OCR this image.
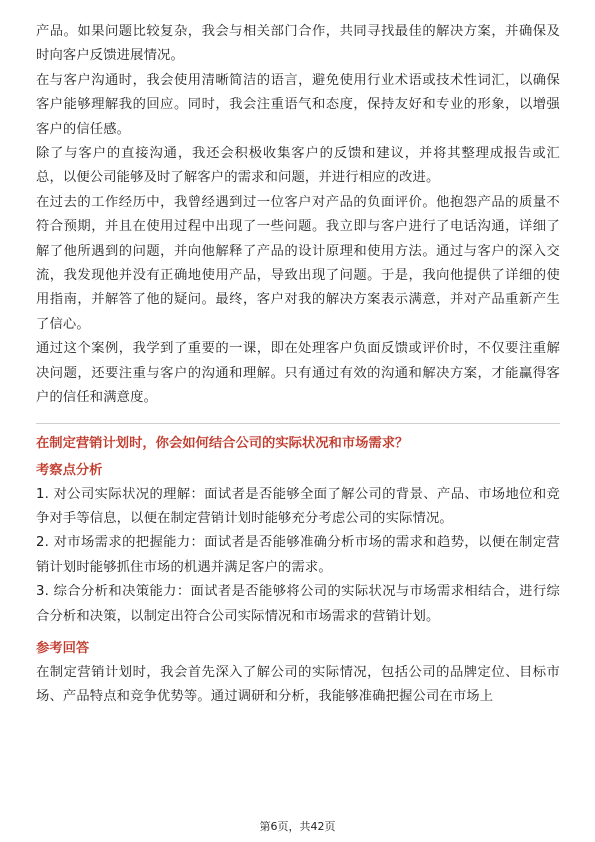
产品。如果问题比较复杂，我会与相关部门合作，共同寻找最佳的解决方案，并确保及时向客户反馈进展情况。

在与客户沟通时，我会使用清晰简洁的语言，避免使用行业术语或技术性词汇，以确保客户能够理解我的回应。同时，我会注重语气和态度，保持友好和专业的形象，以增强客户的信任感。

除了与客户的直接沟通，我还会积极收集客户的反馈和建议，并将其整理成报告或汇总，以便公司能够及时了解客户的需求和问题，并进行相应的改进。

在过去的工作经历中，我曾经遇到过一位客户对产品的负面评价。他抱怨产品的质量不符合预期，并且在使用过程中出现了一些问题。我立即与客户进行了电话沟通，详细了解了他所遇到的问题，并向他解释了产品的设计原理和使用方法。通过与客户的深入交流，我发现他并没有正确地使用产品，导致出现了问题。于是，我向他提供了详细的使用指南，并解答了他的疑问。最终，客户对我的解决方案表示满意，并对产品重新产生了信心。

通过这个案例，我学到了重要的一课，即在处理客户负面反馈或评价时，不仅要注重解决问题，还要注重与客户的沟通和理解。只有通过有效的沟通和解决方案，才能赢得客户的信任和满意度。

在制定营销计划时，你会如何结合公司的实际状况和市场需求？

考察点分析

1. 对公司实际状况的理解：面试者是否能够全面了解公司的背景、产品、市场地位和竞争对手等信息，以便在制定营销计划时能够充分考虑公司的实际情况。

2. 对市场需求的把握能力：面试者是否能够准确分析市场的需求和趋势，以便在制定营销计划时能够抓住市场的机遇并满足客户的需求。

3. 综合分析和决策能力：面试者是否能够将公司的实际状况与市场需求相结合，进行综合分析和决策，以制定出符合公司实际情况和市场需求的营销计划。

参考回答

在制定营销计划时，我会首先深入了解公司的实际情况，包括公司的品牌定位、目标市场、产品特点和竞争优势等。通过调研和分析，我能够准确把握公司在市场上

第6页，共42页
